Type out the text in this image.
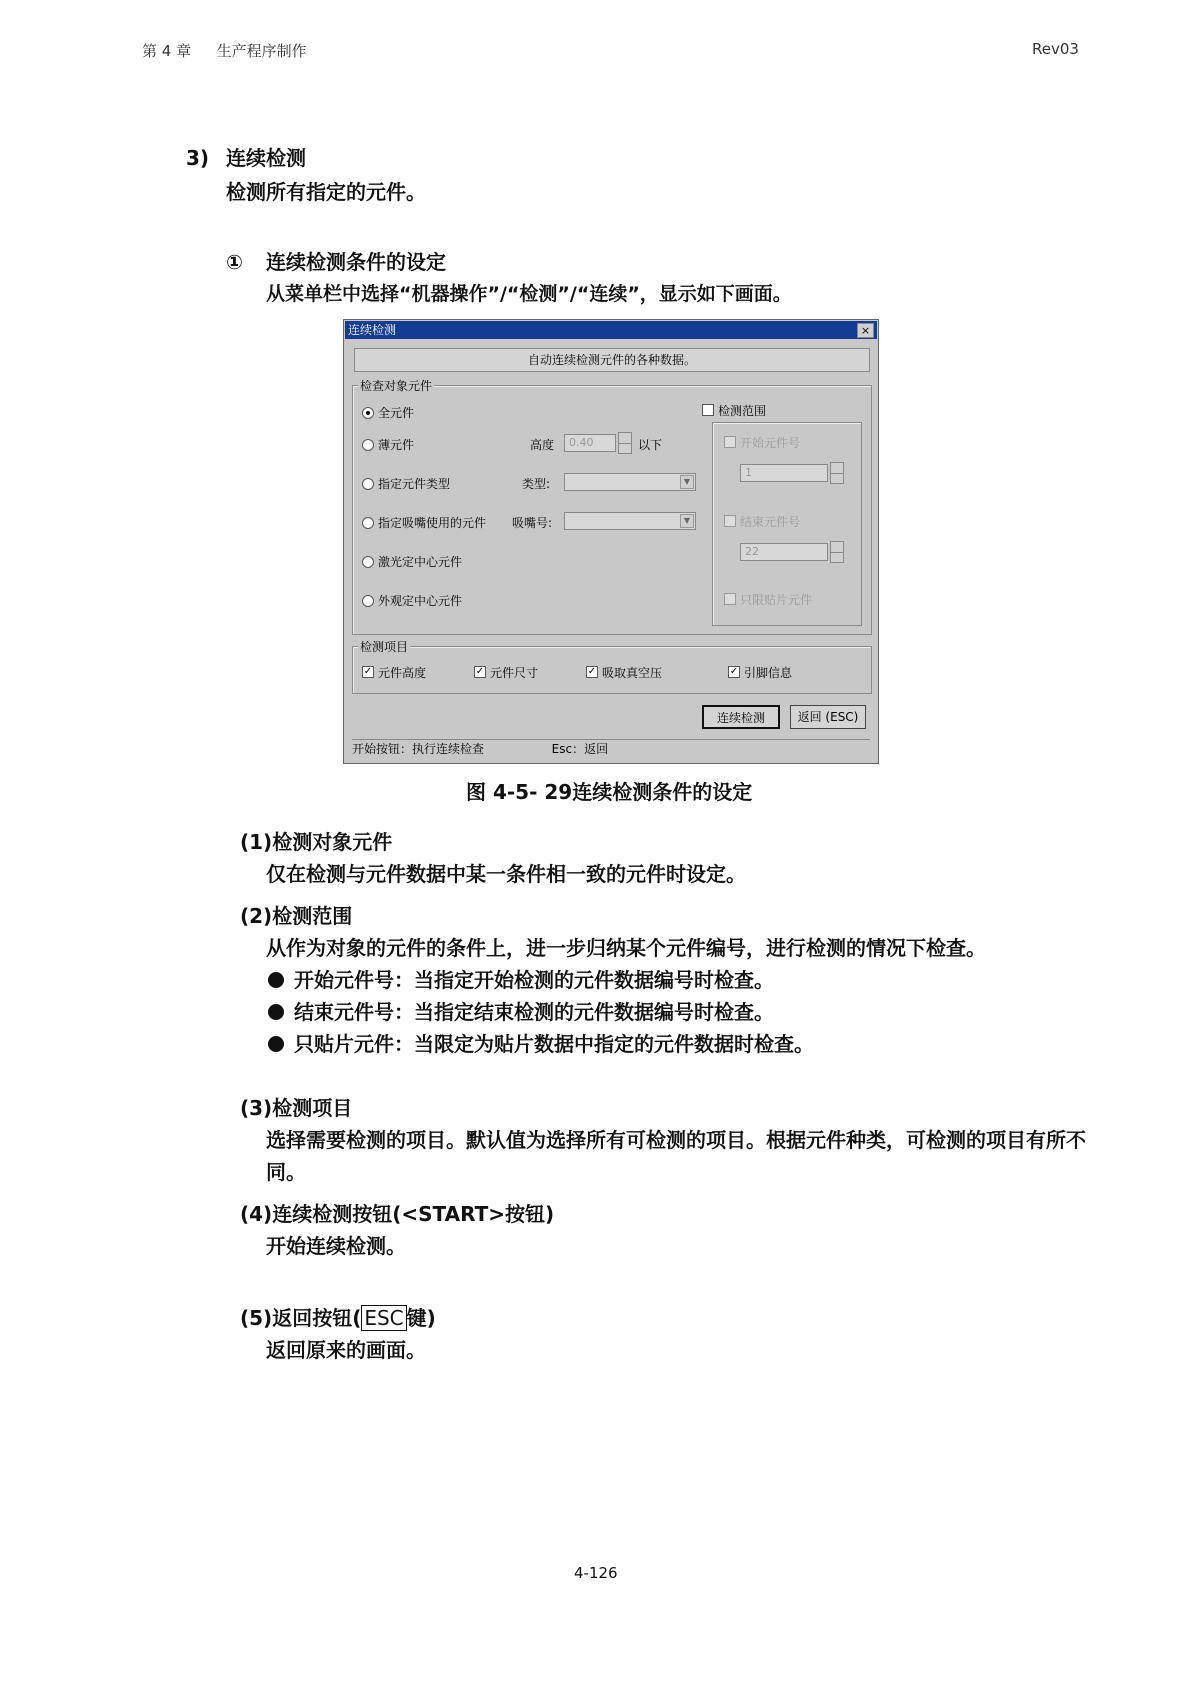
第 4 章 生产程序制作	Rev03
3) 连续检测
检测所有指定的元件。
① 连续检测条件的设定
从菜单栏中选择“机器操作”/“检测”/“连续”，显示如下画面。
连续检测	×
自动连续检测元件的各种数据。
检查对象元件
全元件
薄元件
指定元件类型
指定吸嘴使用的元件
激光定中心元件
外观定中心元件
高度	0.40	以下
类型:	▼
吸嘴号:	▼
检测范围
开始元件号
1
结束元件号
22
只限贴片元件
检测项目
✓ 元件高度	✓ 元件尺寸	✓ 吸取真空压	✓ 引脚信息
连续检测	返回 (ESC)
开始按钮：执行连续检查	Esc：返回
图 4-5- 29连续检测条件的设定
(1)检测对象元件
仅在检测与元件数据中某一条件相一致的元件时设定。
(2)检测范围
从作为对象的元件的条件上，进一步归纳某个元件编号，进行检测的情况下检查。
开始元件号：当指定开始检测的元件数据编号时检查。
结束元件号：当指定结束检测的元件数据编号时检查。
只贴片元件：当限定为贴片数据中指定的元件数据时检查。
(3)检测项目
选择需要检测的项目。默认值为选择所有可检测的项目。根据元件种类，可检测的项目有所不同。
(4)连续检测按钮(<START>按钮)
开始连续检测。
(5)返回按钮( ESC 键)
返回原来的画面。
4-126
